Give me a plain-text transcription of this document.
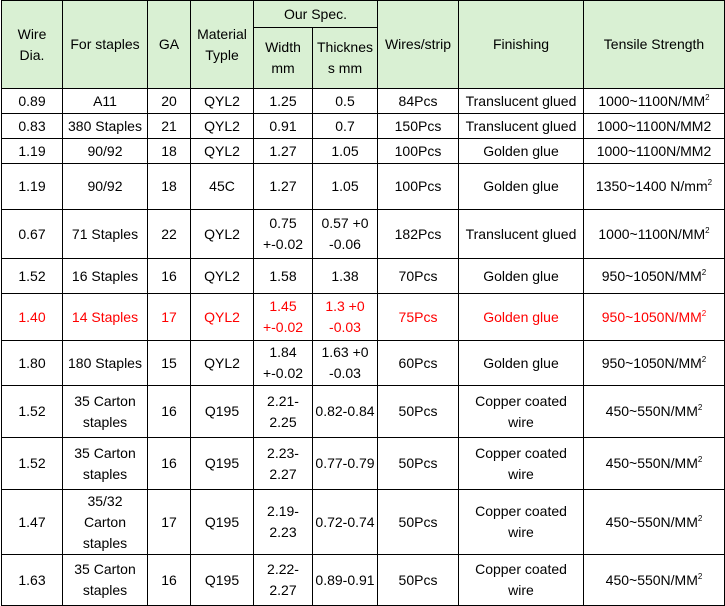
Wire Dia.	For staples	GA	Material Typle	Our Spec.		Wires/strip	Finishing	Tensile Strength
				Width mm	Thicknes s mm			
0.89	A11	20	QYL2	1.25	0.5	84Pcs	Translucent glued	$1000\sim 1100N/MM^2$
0.83	380 Staples	21	QYL2	0.91	0.7	150Pcs	Translucent glued	1000~1100N/MM2
1.19	90/92	18	QYL2	1.27	1.05	100Pcs	Golden glue	1000~1100N/MM2
1.19	90/92	18	45C	1.27	1.05	100Pcs	Golden glue	1350~1400 $N/mm^2$
0.67	71 Staples	22	QYL2	0.75 +-0.02	0.57 +0 -0.06	182Pcs	Translucent glued	$1000\sim 1100N/MM^2$
1.52	16 Staples	16	QYL2	1.58	1.38	70Pcs	Golden glue	$950\sim 1050N/MM^2$
1.40	14 Staples	17	QYL2	1.45 +-0.02	1.3 +0 -0.03	75Pcs	Golden glue	$950\sim 1050N/MM^2$
1.80	180 Staples	15	QYL2	1.84 +-0.02	1.63 +0 -0.03	60Pcs	Golden glue	$950\sim 1050N/MM^2$
1.52	35 Carton staples	16	Q195	2.21-2.25	0.82-0.84	50Pcs	Copper coated wire	$450\sim 550N/MM^2$
1.52	35 Carton staples	16	Q195	2.23-2.27	0.77-0.79	50Pcs	Copper coated wire	$450\sim 550N/MM^2$
1.47	35/32 Carton staples	17	Q195	2.19-2.23	0.72-0.74	50Pcs	Copper coated wire	$450\sim 550N/MM^2$
1.63	35 Carton staples	16	Q195	2.22-2.27	0.89-0.91	50Pcs	Copper coated wire	$450\sim 550N/MM^2$
